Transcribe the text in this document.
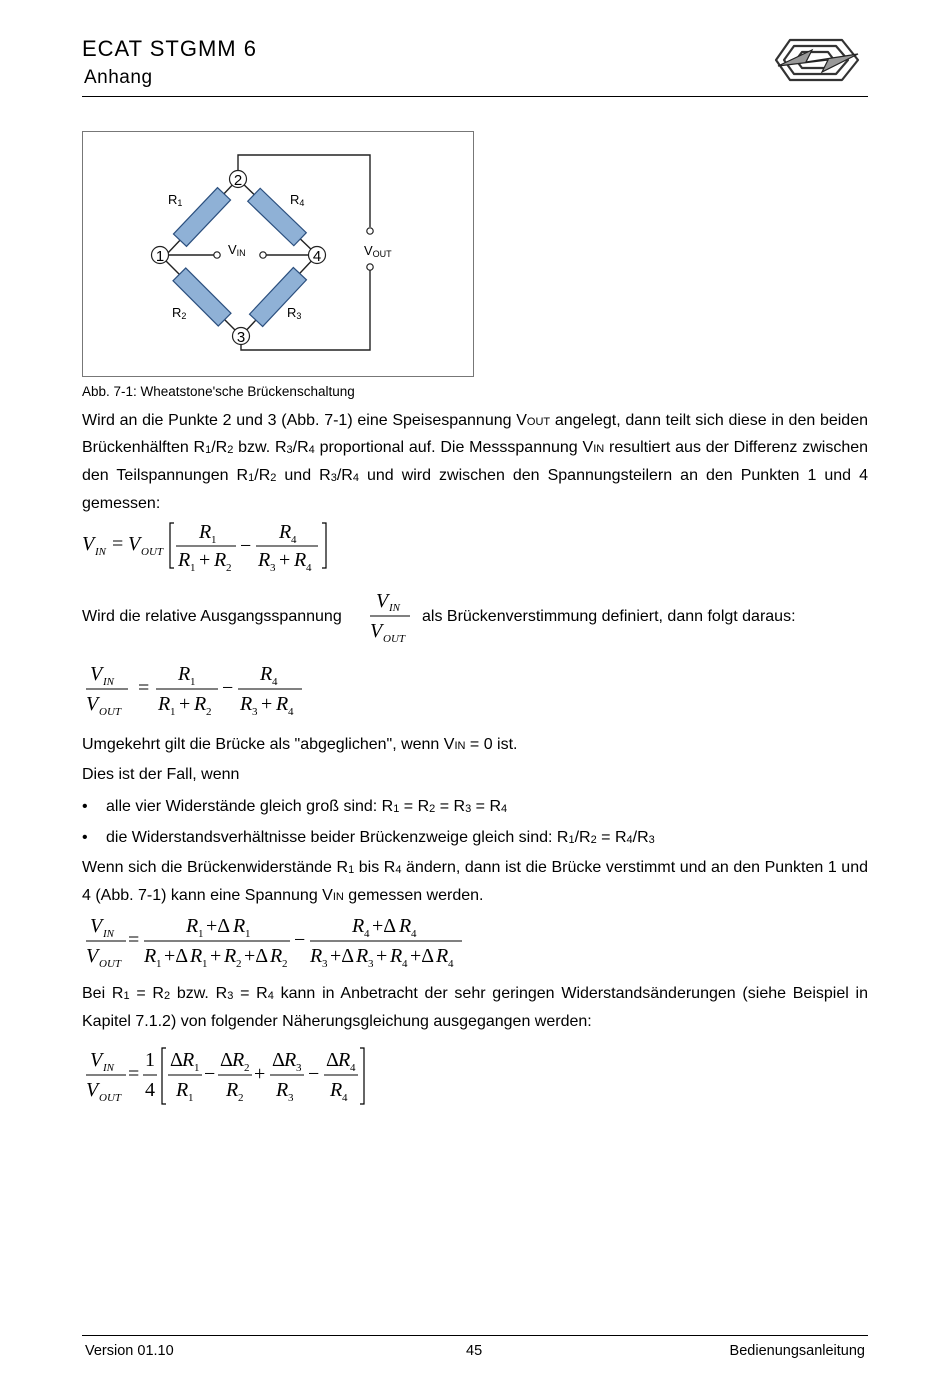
ECAT STGMM 6
Anhang
1
2
3
4
R1	R4
R2	R3
VIN	VOUT
Abb. 7-1: Wheatstone'sche Brückenschaltung
Wird an die Punkte 2 und 3 (Abb. 7-1) eine Speisespannung VOUT angelegt, dann teilt sich diese in den beiden Brückenhälften $R_1/R_2$ bzw. $R_3/R_4$ proportional auf. Die Messspannung VIN resultiert aus der Differenz zwischen den Teilspannungen $R_1/R_2$ und $R_3/R_4$ und wird zwischen den Spannungsteilern an den Punkten 1 und 4 gemessen:
V IN = V OUT
R 1
R 1 + R 2
−
R 4
R 3 + R 4
Wird die relative Ausgangsspannung
V IN
V OUT
als Brückenverstimmung definiert, dann folgt daraus:
V IN
V OUT
=
R 1
R 1 + R 2
−
R 4
R 3 + R 4
Umgekehrt gilt die Brücke als "abgeglichen", wenn VIN = 0 ist.
Dies ist der Fall, wenn
• alle vier Widerstände gleich groß sind: $R_1 = R_2 = R_3 = R_4$
• die Widerstandsverhältnisse beider Brückenzweige gleich sind: $R_1/R_2 = R_4/R_3$
Wenn sich die Brückenwiderstände $R_1$ bis $R_4$ ändern, dann ist die Brücke verstimmt und an den Punkten 1 und 4 (Abb. 7-1) kann eine Spannung VIN gemessen werden.
V IN
V OUT
=
R 1 +Δ R 1
R 1 +Δ R 1 + R 2 +Δ R 2
−
R 4 +Δ R 4
R 3 +Δ R 3 + R 4 +Δ R 4
Bei $R_1 = R_2$ bzw. $R_3 = R_4$ kann in Anbetracht der sehr geringen Widerstandsänderungen (siehe Beispiel in Kapitel 7.1.2) von folgender Näherungsgleichung ausgegangen werden:
V IN
V OUT
=
1
4
Δ R 1
R 1
−
Δ R 2
R 2
+
Δ R 3
R 3
−
Δ R 4
R 4
Version 01.10	45	Bedienungsanleitung
